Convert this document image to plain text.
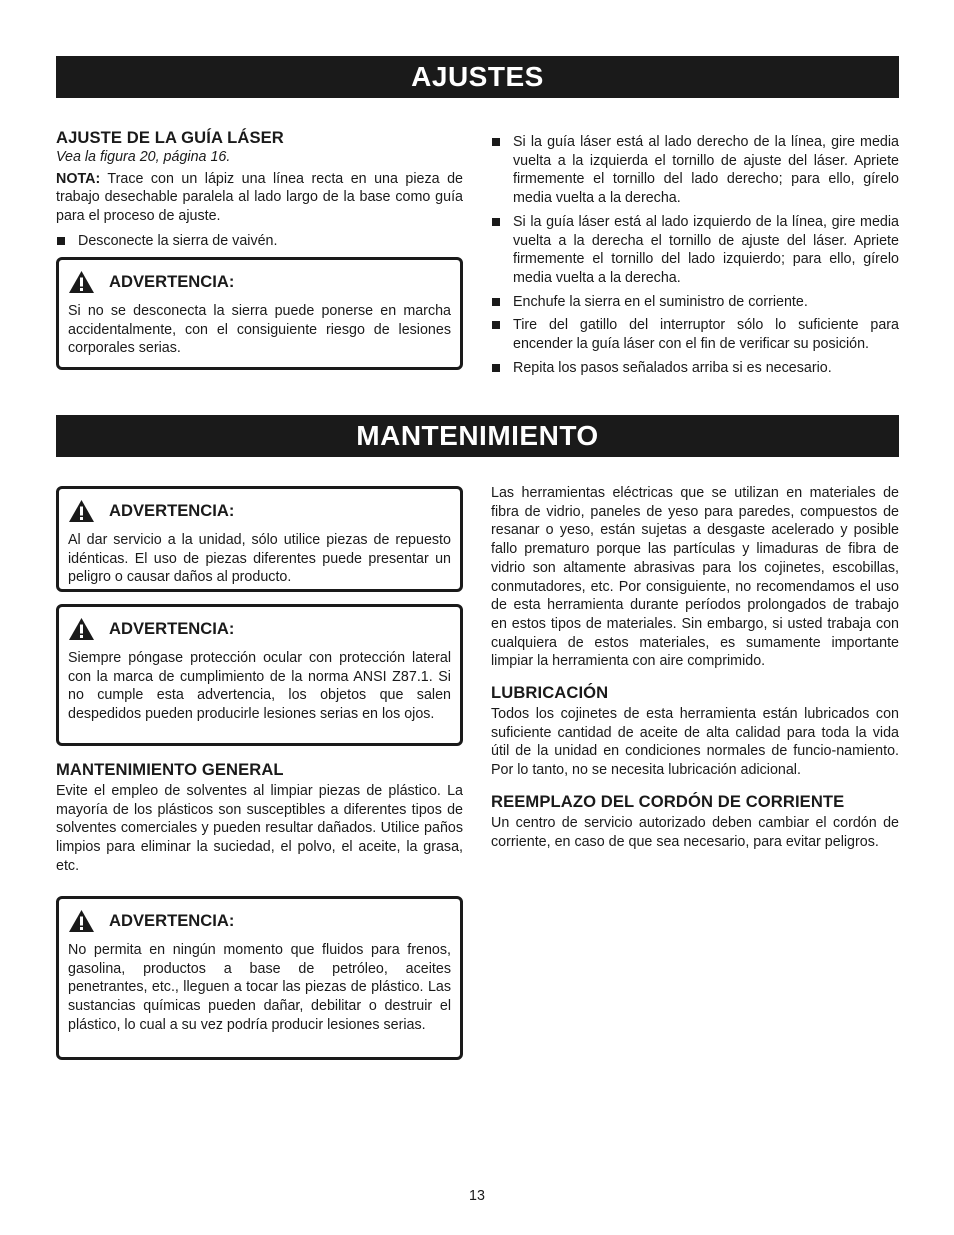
AJUSTES
AJUSTE DE LA GUÍA LÁSER

Vea la figura 20, página 16.

NOTA: Trace con un lápiz una línea recta en una pieza de trabajo desechable paralela al lado largo de la base como guía para el proceso de ajuste.

Desconecte la sierra de vaivén.
ADVERTENCIA:

Si no se desconecta la sierra puede ponerse en marcha accidentalmente, con el consiguiente riesgo de lesiones corporales serias.

Si la guía láser está al lado derecho de la línea, gire media vuelta a la izquierda el tornillo de ajuste del láser. Apriete firmemente el tornillo del lado derecho; para ello, gírelo media vuelta a la derecha.
Si la guía láser está al lado izquierdo de la línea, gire media vuelta a la derecha el tornillo de ajuste del láser. Apriete firmemente el tornillo del lado izquierdo; para ello, gírelo media vuelta a la derecha.
Enchufe la sierra en el suministro de corriente.
Tire del gatillo del interruptor sólo lo suficiente para encender la guía láser con el fin de verificar su posición.
Repita los pasos señalados arriba si es necesario.
MANTENIMIENTO
ADVERTENCIA:

Al dar servicio a la unidad, sólo utilice piezas de repuesto idénticas. El uso de piezas diferentes puede presentar un peligro o causar daños al producto.

ADVERTENCIA:

Siempre póngase protección ocular con protección lateral con la marca de cumplimiento de la norma ANSI Z87.1. Si no cumple esta advertencia, los objetos que salen despedidos pueden producirle lesiones serias en los ojos.

MANTENIMIENTO GENERAL

Evite el empleo de solventes al limpiar piezas de plástico. La mayoría de los plásticos son susceptibles a diferentes tipos de solventes comerciales y pueden resultar dañados. Utilice paños limpios para eliminar la suciedad, el polvo, el aceite, la grasa, etc.

ADVERTENCIA:

No permita en ningún momento que fluidos para frenos, gasolina, productos a base de petróleo, aceites penetrantes, etc., lleguen a tocar las piezas de plástico. Las sustancias químicas pueden dañar, debilitar o destruir el plástico, lo cual a su vez podría producir lesiones serias.

Las herramientas eléctricas que se utilizan en materiales de fibra de vidrio, paneles de yeso para paredes, compuestos de resanar o yeso, están sujetas a desgaste acelerado y posible fallo prematuro porque las partículas y limaduras de fibra de vidrio son altamente abrasivas para los cojinetes, escobillas, conmutadores, etc. Por consiguiente, no recomendamos el uso de esta herramienta durante períodos prolongados de trabajo en estos tipos de materiales. Sin embargo, si usted trabaja con cualquiera de estos materiales, es sumamente importante limpiar la herramienta con aire comprimido.

LUBRICACIÓN

Todos los cojinetes de esta herramienta están lubricados con suficiente cantidad de aceite de alta calidad para toda la vida útil de la unidad en condiciones normales de funcio-namiento. Por lo tanto, no se necesita lubricación adicional.

REEMPLAZO DEL CORDÓN DE CORRIENTE

Un centro de servicio autorizado deben cambiar el cordón de corriente, en caso de que sea necesario, para evitar peligros.

13
